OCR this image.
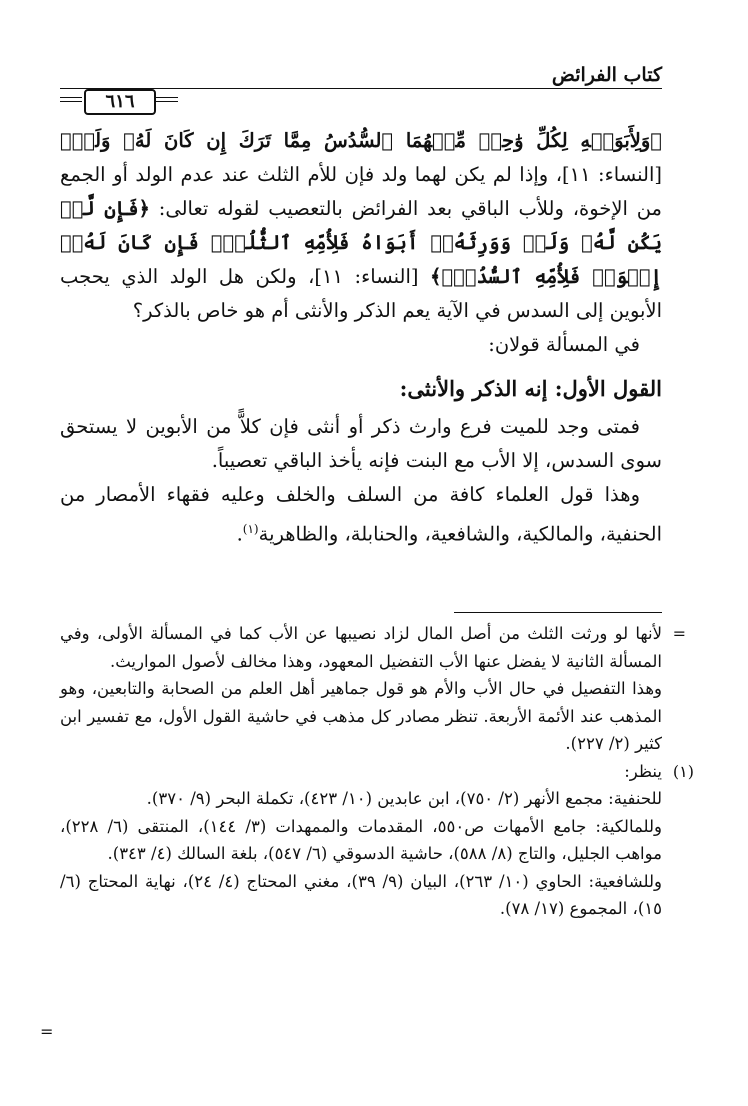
كتاب الفرائض
٦١٦

﴿وَلِأَبَوَيۡهِ لِكُلِّ وَٰحِدٖ مِّنۡهُمَا ٱلسُّدُسُ مِمَّا تَرَكَ إِن كَانَ لَهُۥ وَلَدٞ﴾ [النساء: ١١]، وإذا لم يكن لهما ولد فإن للأم الثلث عند عدم الولد أو الجمع من الإخوة، وللأب الباقي بعد الفرائض بالتعصيب لقوله تعالى: ﴿فَإِن لَّمۡ يَكُن لَّهُۥ وَلَدٞ وَوَرِثَهُۥٓ أَبَوَاهُ فَلِأُمِّهِ ٱلثُّلُثُۚ فَإِن كَانَ لَهُۥٓ إِخۡوَةٞ فَلِأُمِّهِ ٱلسُّدُسُۚ﴾ [النساء: ١١]، ولكن هل الولد الذي يحجب الأبوين إلى السدس في الآية يعم الذكر والأنثى أم هو خاص بالذكر؟

في المسألة قولان:

القول الأول: إنه الذكر والأنثى:

فمتى وجد للميت فرع وارث ذكر أو أنثى فإن كلاًّ من الأبوين لا يستحق سوى السدس، إلا الأب مع البنت فإنه يأخذ الباقي تعصيباً.

وهذا قول العلماء كافة من السلف والخلف وعليه فقهاء الأمصار من الحنفية، والمالكية، والشافعية، والحنابلة، والظاهرية$^{(١)}$.

=

لأنها لو ورثت الثلث من أصل المال لزاد نصيبها عن الأب كما في المسألة الأولى، وفي المسألة الثانية لا يفضل عنها الأب التفضيل المعهود، وهذا مخالف لأصول المواريث.

وهذا التفصيل في حال الأب والأم هو قول جماهير أهل العلم من الصحابة والتابعين، وهو المذهب عند الأئمة الأربعة. تنظر مصادر كل مذهب في حاشية القول الأول، مع تفسير ابن كثير (٢/ ٢٢٧).

(١)

ينظر:

للحنفية: مجمع الأنهر (٢/ ٧٥٠)، ابن عابدين (١٠/ ٤٢٣)، تكملة البحر (٩/ ٣٧٠).

وللمالكية: جامع الأمهات ص٥٥٠، المقدمات والممهدات (٣/ ١٤٤)، المنتقى (٦/ ٢٢٨)، مواهب الجليل، والتاج (٨/ ٥٨٨)، حاشية الدسوقي (٦/ ٥٤٧)، بلغة السالك (٤/ ٣٤٣).

وللشافعية: الحاوي (١٠/ ٢٦٣)، البيان (٩/ ٣٩)، مغني المحتاج (٤/ ٢٤)، نهاية المحتاج (٦/ ١٥)، المجموع (١٧/ ٧٨).

=
